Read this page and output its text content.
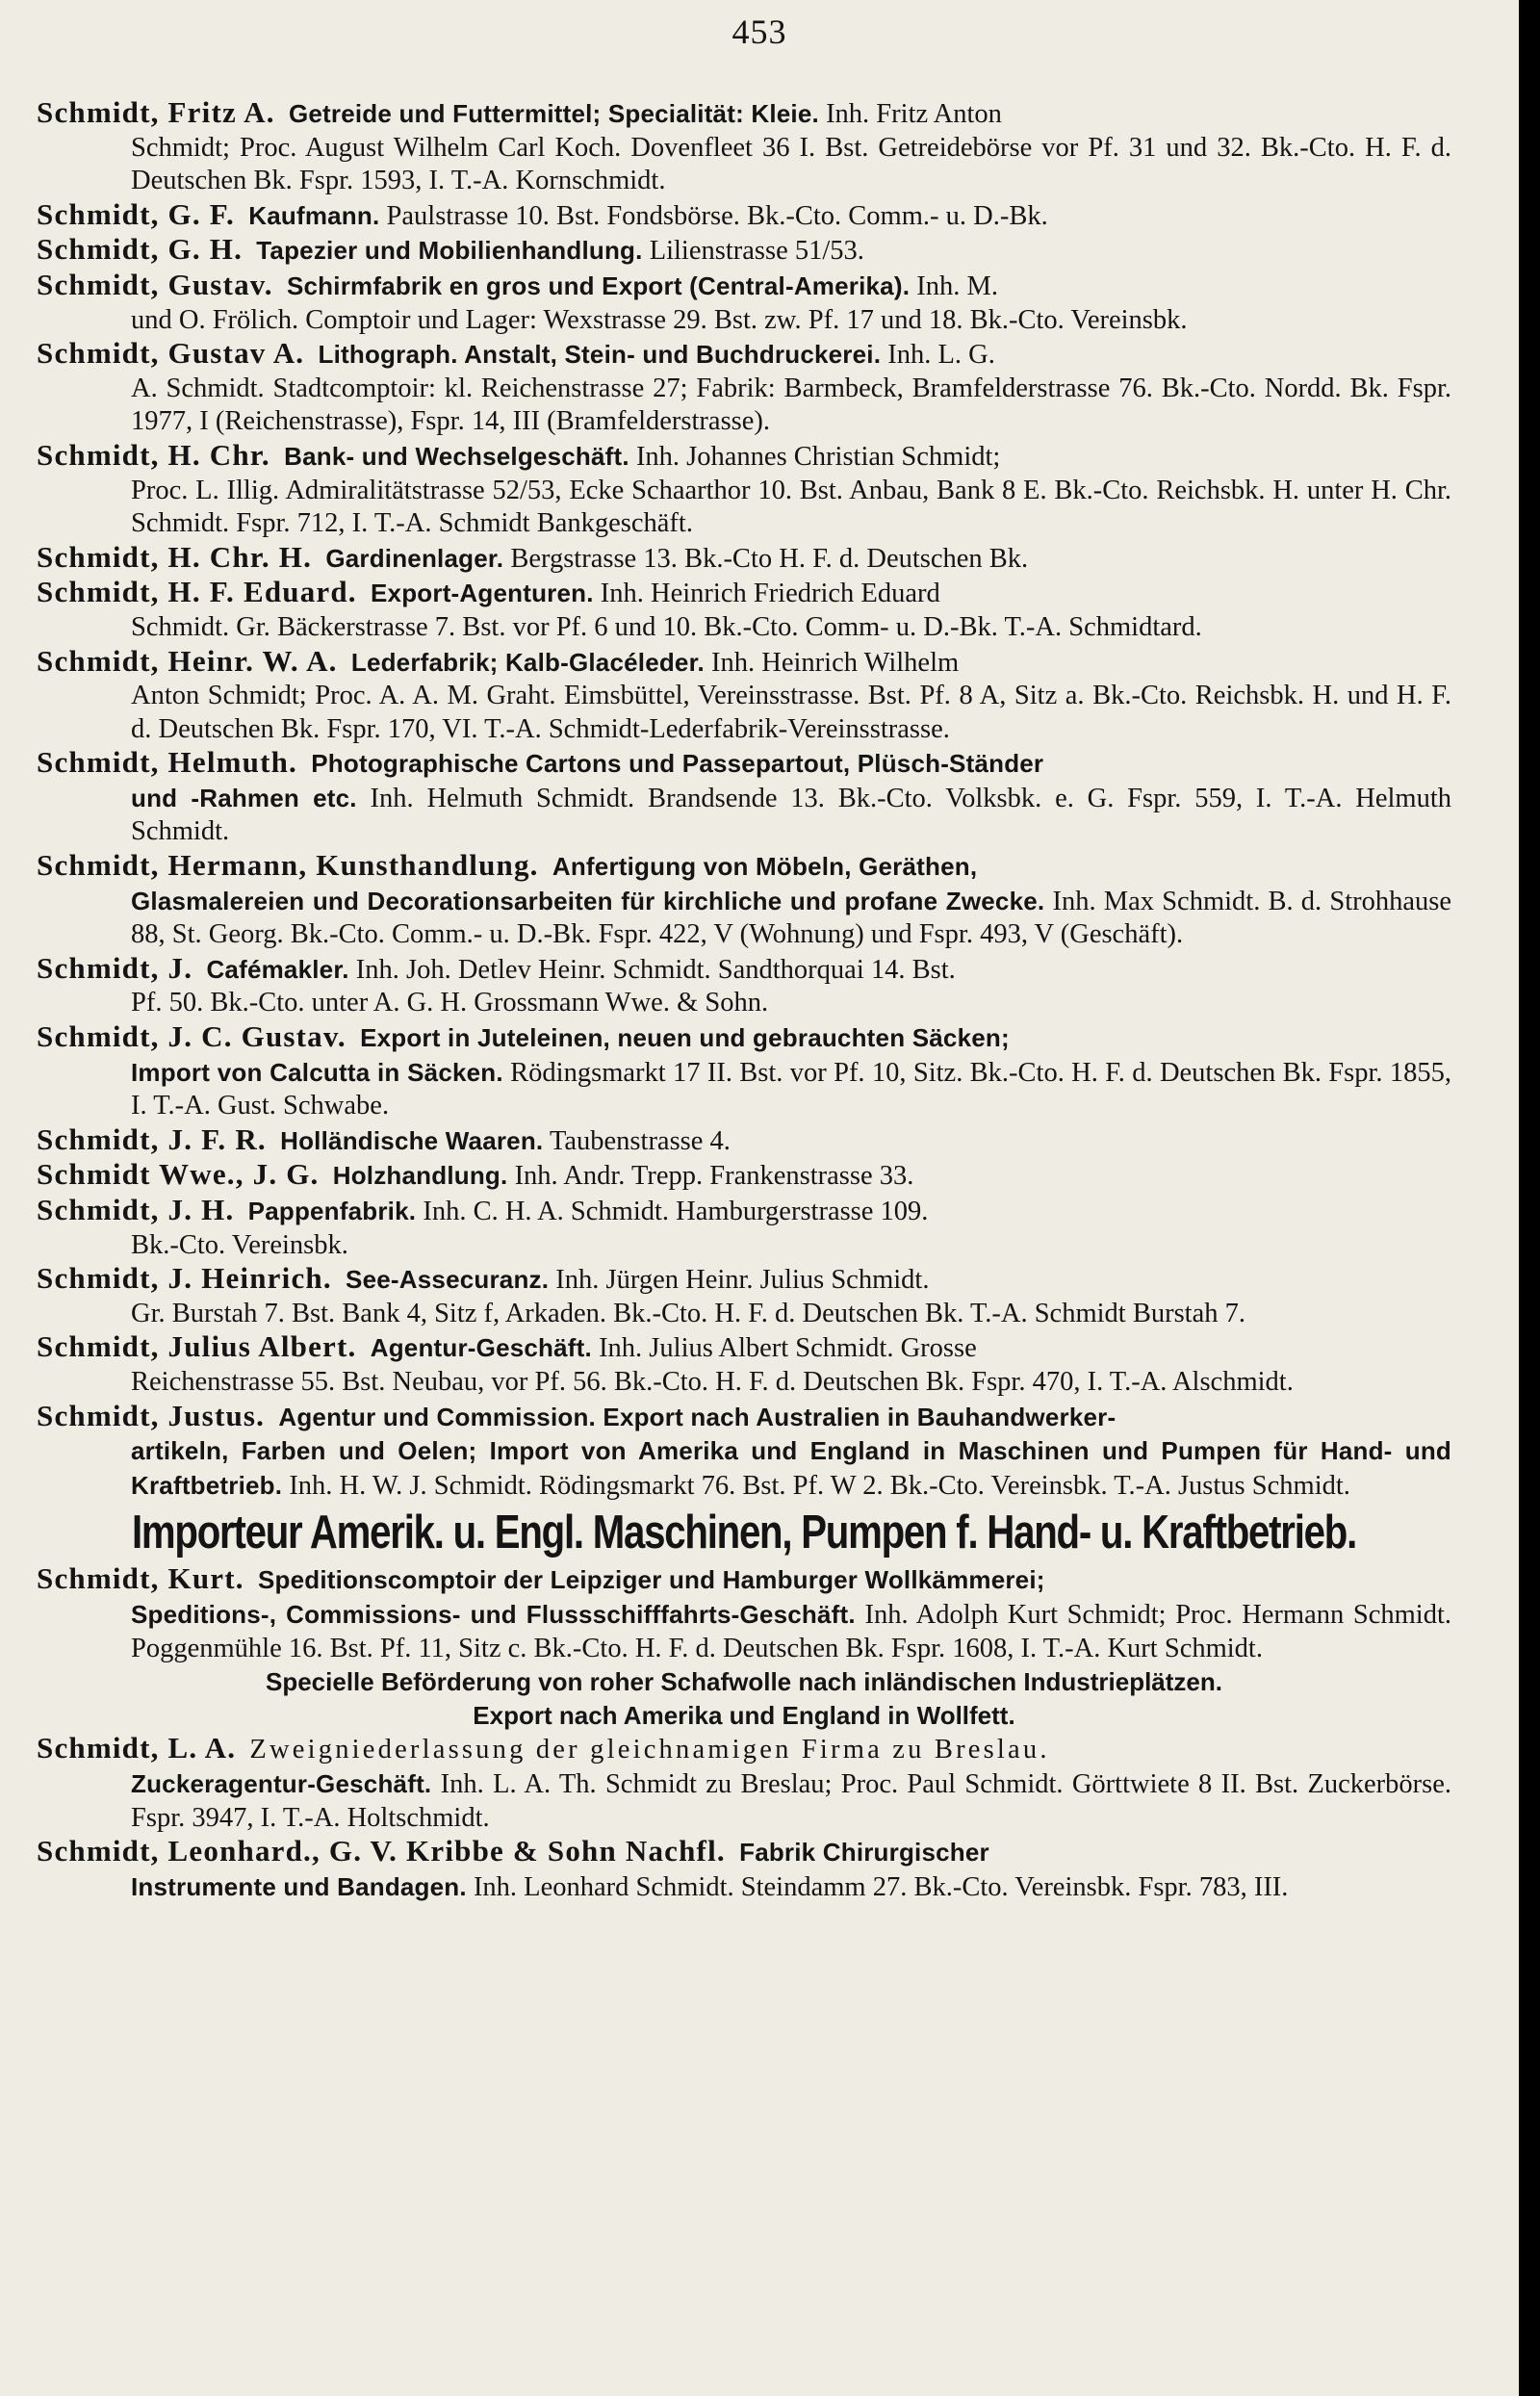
453
Schmidt, Fritz A. Getreide und Futtermittel; Specialität: Kleie. Inh. Fritz Anton
Schmidt; Proc. August Wilhelm Carl Koch. Dovenfleet 36 I. Bst. Getreidebörse vor Pf. 31 und 32. Bk.-Cto. H. F. d. Deutschen Bk. Fspr. 1593, I. T.-A. Kornschmidt.
Schmidt, G. F. Kaufmann. Paulstrasse 10. Bst. Fondsbörse. Bk.-Cto. Comm.- u. D.-Bk.
Schmidt, G. H. Tapezier und Mobilienhandlung. Lilienstrasse 51/53.
Schmidt, Gustav. Schirmfabrik en gros und Export (Central-Amerika). Inh. M.
und O. Frölich. Comptoir und Lager: Wexstrasse 29. Bst. zw. Pf. 17 und 18. Bk.-Cto. Vereinsbk.
Schmidt, Gustav A. Lithograph. Anstalt, Stein- und Buchdruckerei. Inh. L. G.
A. Schmidt. Stadtcomptoir: kl. Reichenstrasse 27; Fabrik: Barmbeck, Bramfelderstrasse 76. Bk.-Cto. Nordd. Bk. Fspr. 1977, I (Reichenstrasse), Fspr. 14, III (Bramfelderstrasse).
Schmidt, H. Chr. Bank- und Wechselgeschäft. Inh. Johannes Christian Schmidt;
Proc. L. Illig. Admiralitätstrasse 52/53, Ecke Schaarthor 10. Bst. Anbau, Bank 8 E. Bk.-Cto. Reichsbk. H. unter H. Chr. Schmidt. Fspr. 712, I. T.-A. Schmidt Bankgeschäft.
Schmidt, H. Chr. H. Gardinenlager. Bergstrasse 13. Bk.-Cto H. F. d. Deutschen Bk.
Schmidt, H. F. Eduard. Export-Agenturen. Inh. Heinrich Friedrich Eduard
Schmidt. Gr. Bäckerstrasse 7. Bst. vor Pf. 6 und 10. Bk.-Cto. Comm- u. D.-Bk. T.-A. Schmidtard.
Schmidt, Heinr. W. A. Lederfabrik; Kalb-Glacéleder. Inh. Heinrich Wilhelm
Anton Schmidt; Proc. A. A. M. Graht. Eimsbüttel, Vereinsstrasse. Bst. Pf. 8 A, Sitz a. Bk.-Cto. Reichsbk. H. und H. F. d. Deutschen Bk. Fspr. 170, VI. T.-A. Schmidt-Lederfabrik-Vereinsstrasse.
Schmidt, Helmuth. Photographische Cartons und Passepartout, Plüsch-Ständer
und -Rahmen etc. Inh. Helmuth Schmidt. Brandsende 13. Bk.-Cto. Volksbk. e. G. Fspr. 559, I. T.-A. Helmuth Schmidt.
Schmidt, Hermann, Kunsthandlung. Anfertigung von Möbeln, Geräthen,
Glasmalereien und Decorationsarbeiten für kirchliche und profane Zwecke. Inh. Max Schmidt. B. d. Strohhause 88, St. Georg. Bk.-Cto. Comm.- u. D.-Bk. Fspr. 422, V (Wohnung) und Fspr. 493, V (Geschäft).
Schmidt, J. Cafémakler. Inh. Joh. Detlev Heinr. Schmidt. Sandthorquai 14. Bst.
Pf. 50. Bk.-Cto. unter A. G. H. Grossmann Wwe. & Sohn.
Schmidt, J. C. Gustav. Export in Juteleinen, neuen und gebrauchten Säcken;
Import von Calcutta in Säcken. Rödingsmarkt 17 II. Bst. vor Pf. 10, Sitz. Bk.-Cto. H. F. d. Deutschen Bk. Fspr. 1855, I. T.-A. Gust. Schwabe.
Schmidt, J. F. R. Holländische Waaren. Taubenstrasse 4.
Schmidt Wwe., J. G. Holzhandlung. Inh. Andr. Trepp. Frankenstrasse 33.
Schmidt, J. H. Pappenfabrik. Inh. C. H. A. Schmidt. Hamburgerstrasse 109.
Bk.-Cto. Vereinsbk.
Schmidt, J. Heinrich. See-Assecuranz. Inh. Jürgen Heinr. Julius Schmidt.
Gr. Burstah 7. Bst. Bank 4, Sitz f, Arkaden. Bk.-Cto. H. F. d. Deutschen Bk. T.-A. Schmidt Burstah 7.
Schmidt, Julius Albert. Agentur-Geschäft. Inh. Julius Albert Schmidt. Grosse
Reichenstrasse 55. Bst. Neubau, vor Pf. 56. Bk.-Cto. H. F. d. Deutschen Bk. Fspr. 470, I. T.-A. Alschmidt.
Schmidt, Justus. Agentur und Commission. Export nach Australien in Bauhandwerker-
artikeln, Farben und Oelen; Import von Amerika und England in Maschinen und Pumpen für Hand- und Kraftbetrieb. Inh. H. W. J. Schmidt. Rödingsmarkt 76. Bst. Pf. W 2. Bk.-Cto. Vereinsbk. T.-A. Justus Schmidt.
Importeur Amerik. u. Engl. Maschinen, Pumpen f. Hand- u. Kraftbetrieb.
Schmidt, Kurt. Speditionscomptoir der Leipziger und Hamburger Wollkämmerei;
Speditions-, Commissions- und Flussschifffahrts-Geschäft. Inh. Adolph Kurt Schmidt; Proc. Hermann Schmidt. Poggenmühle 16. Bst. Pf. 11, Sitz c. Bk.-Cto. H. F. d. Deutschen Bk. Fspr. 1608, I. T.-A. Kurt Schmidt.
Specielle Beförderung von roher Schafwolle nach inländischen Industrieplätzen.
Export nach Amerika und England in Wollfett.
Schmidt, L. A. Zweigniederlassung der gleichnamigen Firma zu Breslau.
Zuckeragentur-Geschäft. Inh. L. A. Th. Schmidt zu Breslau; Proc. Paul Schmidt. Görttwiete 8 II. Bst. Zuckerbörse. Fspr. 3947, I. T.-A. Holtschmidt.
Schmidt, Leonhard., G. V. Kribbe & Sohn Nachfl. Fabrik Chirurgischer
Instrumente und Bandagen. Inh. Leonhard Schmidt. Steindamm 27. Bk.-Cto. Vereinsbk. Fspr. 783, III.
